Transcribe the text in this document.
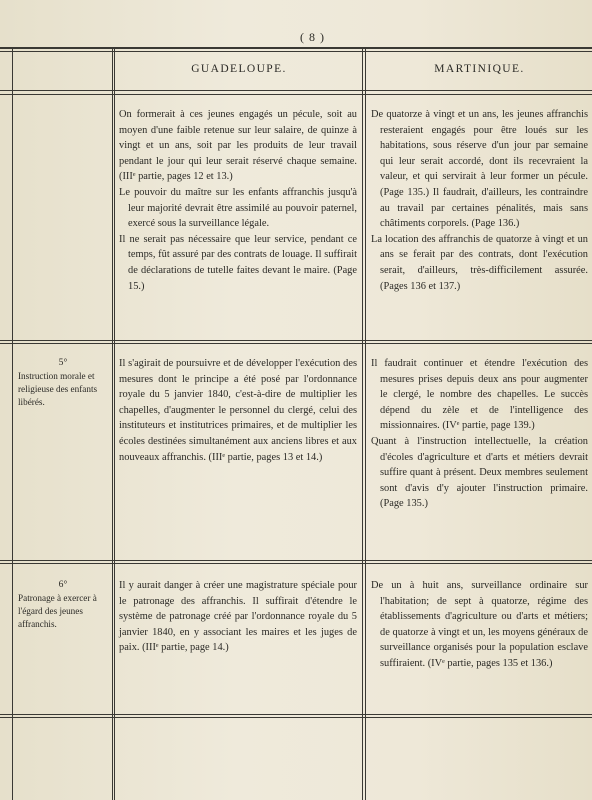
( 8 )
GUADELOUPE.	MARTINIQUE.

On formerait à ces jeunes engagés un pécule, soit au moyen d'une faible retenue sur leur salaire, de quinze à vingt et un ans, soit par les produits de leur travail pendant le jour qui leur serait réservé chaque semaine. (IIIᵉ partie, pages 12 et 13.)

Le pouvoir du maître sur les enfants affranchis jusqu'à leur majorité devrait être assimilé au pouvoir paternel, exercé sous la surveillance légale.

Il ne serait pas nécessaire que leur service, pendant ce temps, fût assuré par des contrats de louage. Il suffirait de déclarations de tutelle faites devant le maire. (Page 15.)

De quatorze à vingt et un ans, les jeunes affranchis resteraient engagés pour être loués sur les habitations, sous réserve d'un jour par semaine qui leur serait accordé, dont ils recevraient la valeur, et qui servirait à leur former un pécule. (Page 135.) Il faudrait, d'ailleurs, les contraindre au travail par certaines pénalités, mais sans châtiments corporels. (Page 136.)

La location des affranchis de quatorze à vingt et un ans se ferait par des contrats, dont l'exécution serait, d'ailleurs, très-difficilement assurée. (Pages 136 et 137.)

5°
Instruction morale et religieuse des enfants libérés.

Il s'agirait de poursuivre et de développer l'exécution des mesures dont le principe a été posé par l'ordonnance royale du 5 janvier 1840, c'est-à-dire de multiplier les chapelles, d'augmenter le personnel du clergé, celui des instituteurs et institutrices primaires, et de multiplier les écoles destinées simultanément aux anciens libres et aux nouveaux affranchis. (IIIᵉ partie, pages 13 et 14.)

Il faudrait continuer et étendre l'exécution des mesures prises depuis deux ans pour augmenter le clergé, le nombre des chapelles. Le succès dépend du zèle et de l'intelligence des missionnaires. (IVᵉ partie, page 139.)

Quant à l'instruction intellectuelle, la création d'écoles d'agriculture et d'arts et métiers devrait suffire quant à présent. Deux membres seulement sont d'avis d'y ajouter l'instruction primaire. (Page 135.)

6°
Patronage à exercer à l'égard des jeunes affranchis.

Il y aurait danger à créer une magistrature spéciale pour le patronage des affranchis. Il suffirait d'étendre le système de patronage créé par l'ordonnance royale du 5 janvier 1840, en y associant les maires et les juges de paix. (IIIᵉ partie, page 14.)

De un à huit ans, surveillance ordinaire sur l'habitation; de sept à quatorze, régime des établissements d'agriculture ou d'arts et métiers; de quatorze à vingt et un, les moyens généraux de surveillance organisés pour la population esclave suffiraient. (IVᵉ partie, pages 135 et 136.)
